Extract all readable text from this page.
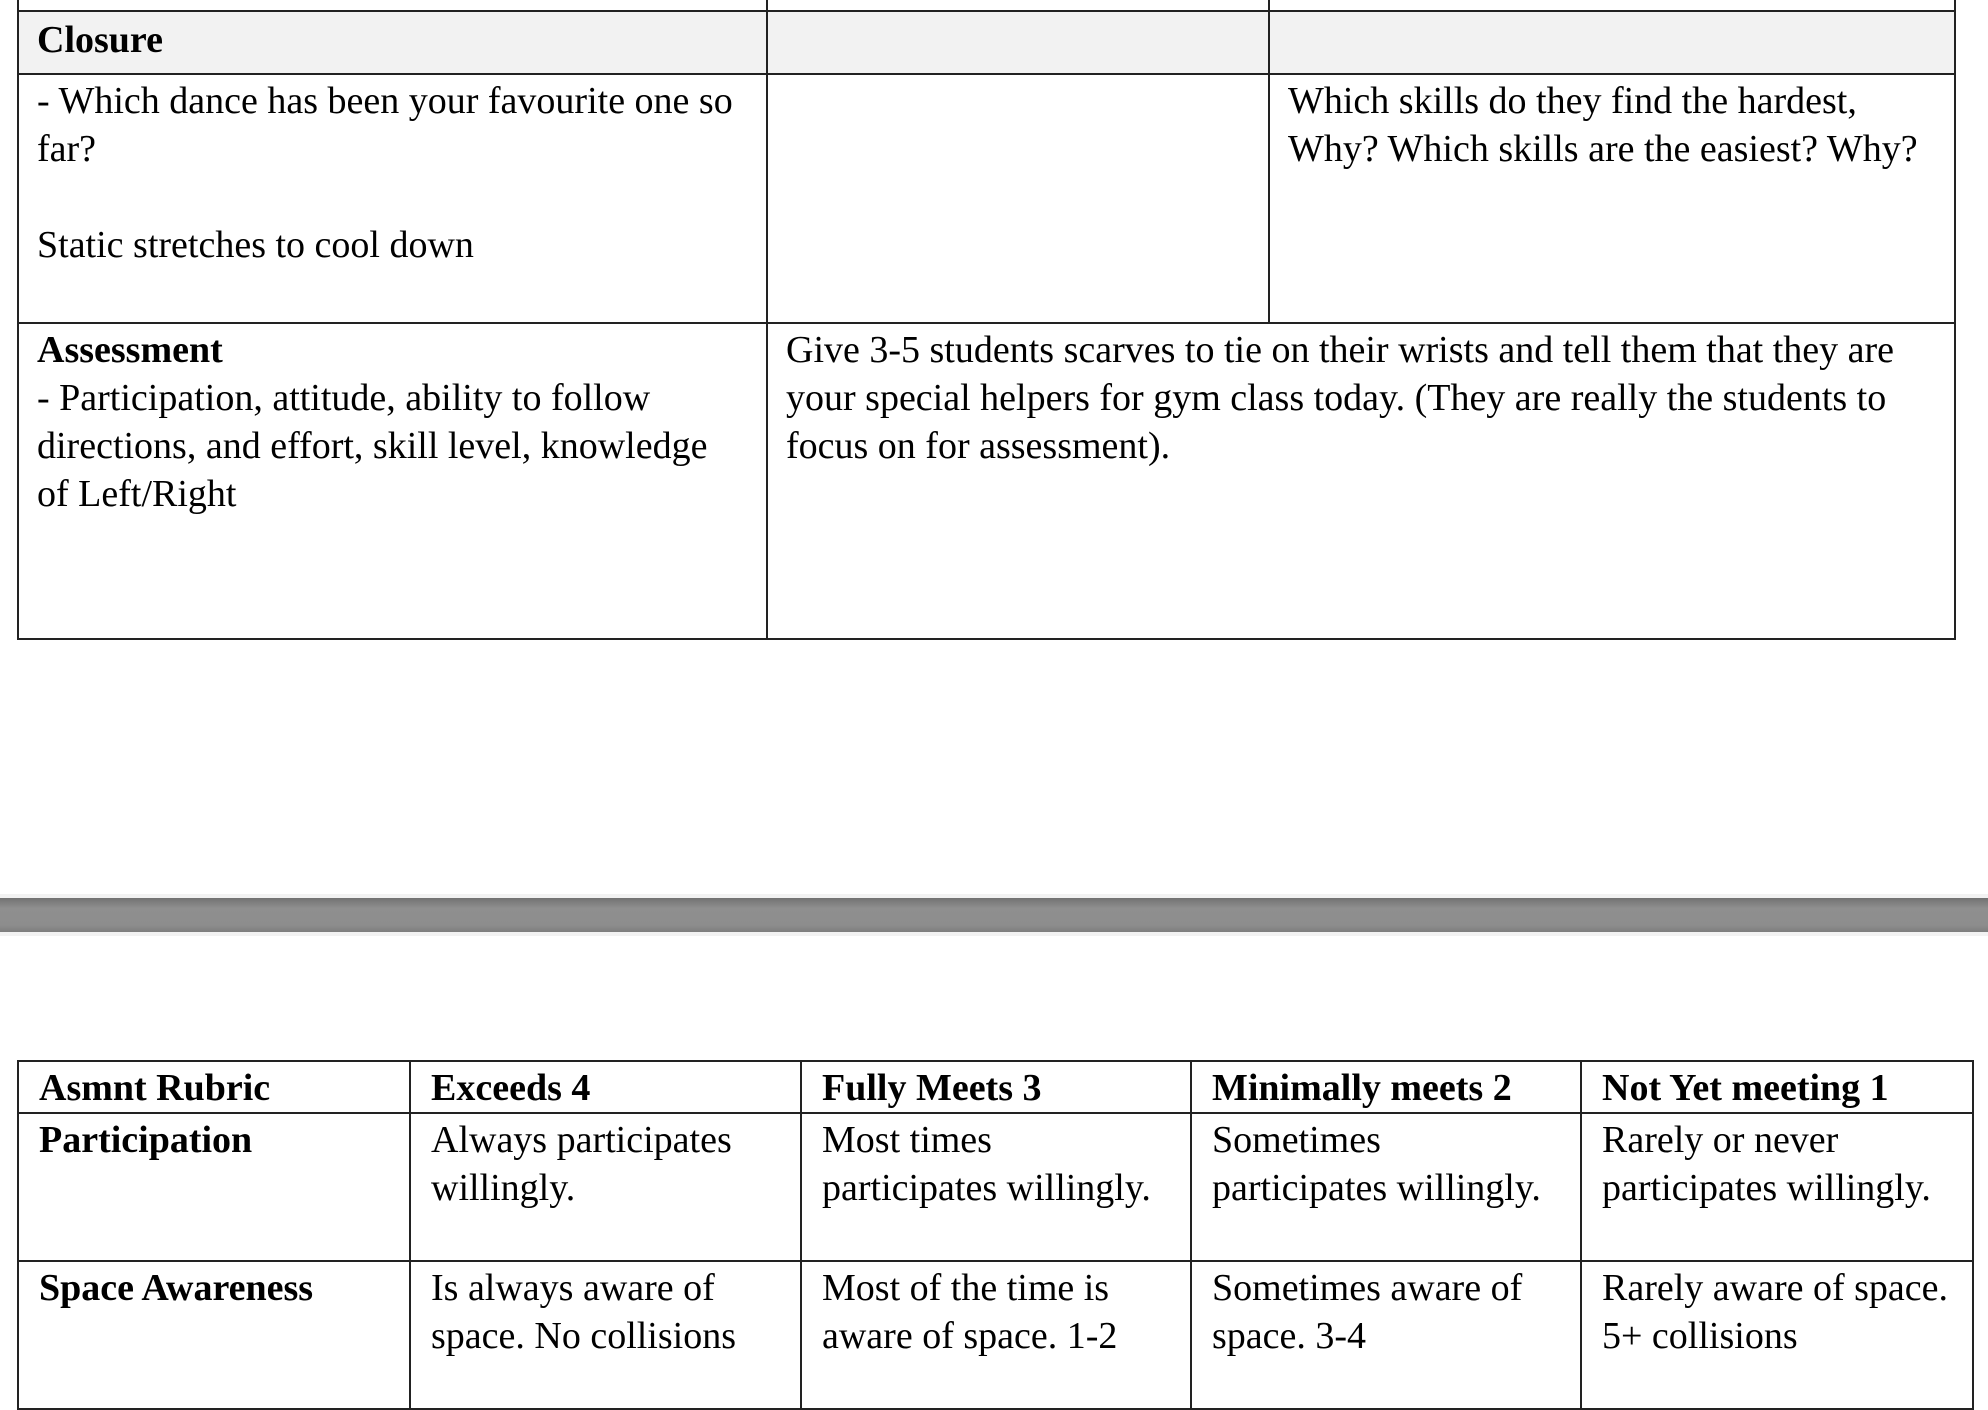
Closure		

- Which dance has been your favourite one so far?
Static stretches to cool down		Which skills do they find the hardest, Why? Which skills are the easiest? Why?

Assessment
- Participation, attitude, ability to follow directions, and effort, skill level, knowledge of Left/Right	Give 3-5 students scarves to tie on their wrists and tell them that they are your special helpers for gym class today. (They are really the students to focus on for assessment).	
Asmnt Rubric	Exceeds 4	Fully Meets 3	Minimally meets 2	Not Yet meeting 1
Participation	Always participates willingly.	Most times participates willingly.	Sometimes participates willingly.	Rarely or never participates willingly.
Space Awareness	Is always aware of space. No collisions	Most of the time is aware of space. 1-2	Sometimes aware of space. 3-4	Rarely aware of space. 5+ collisions
